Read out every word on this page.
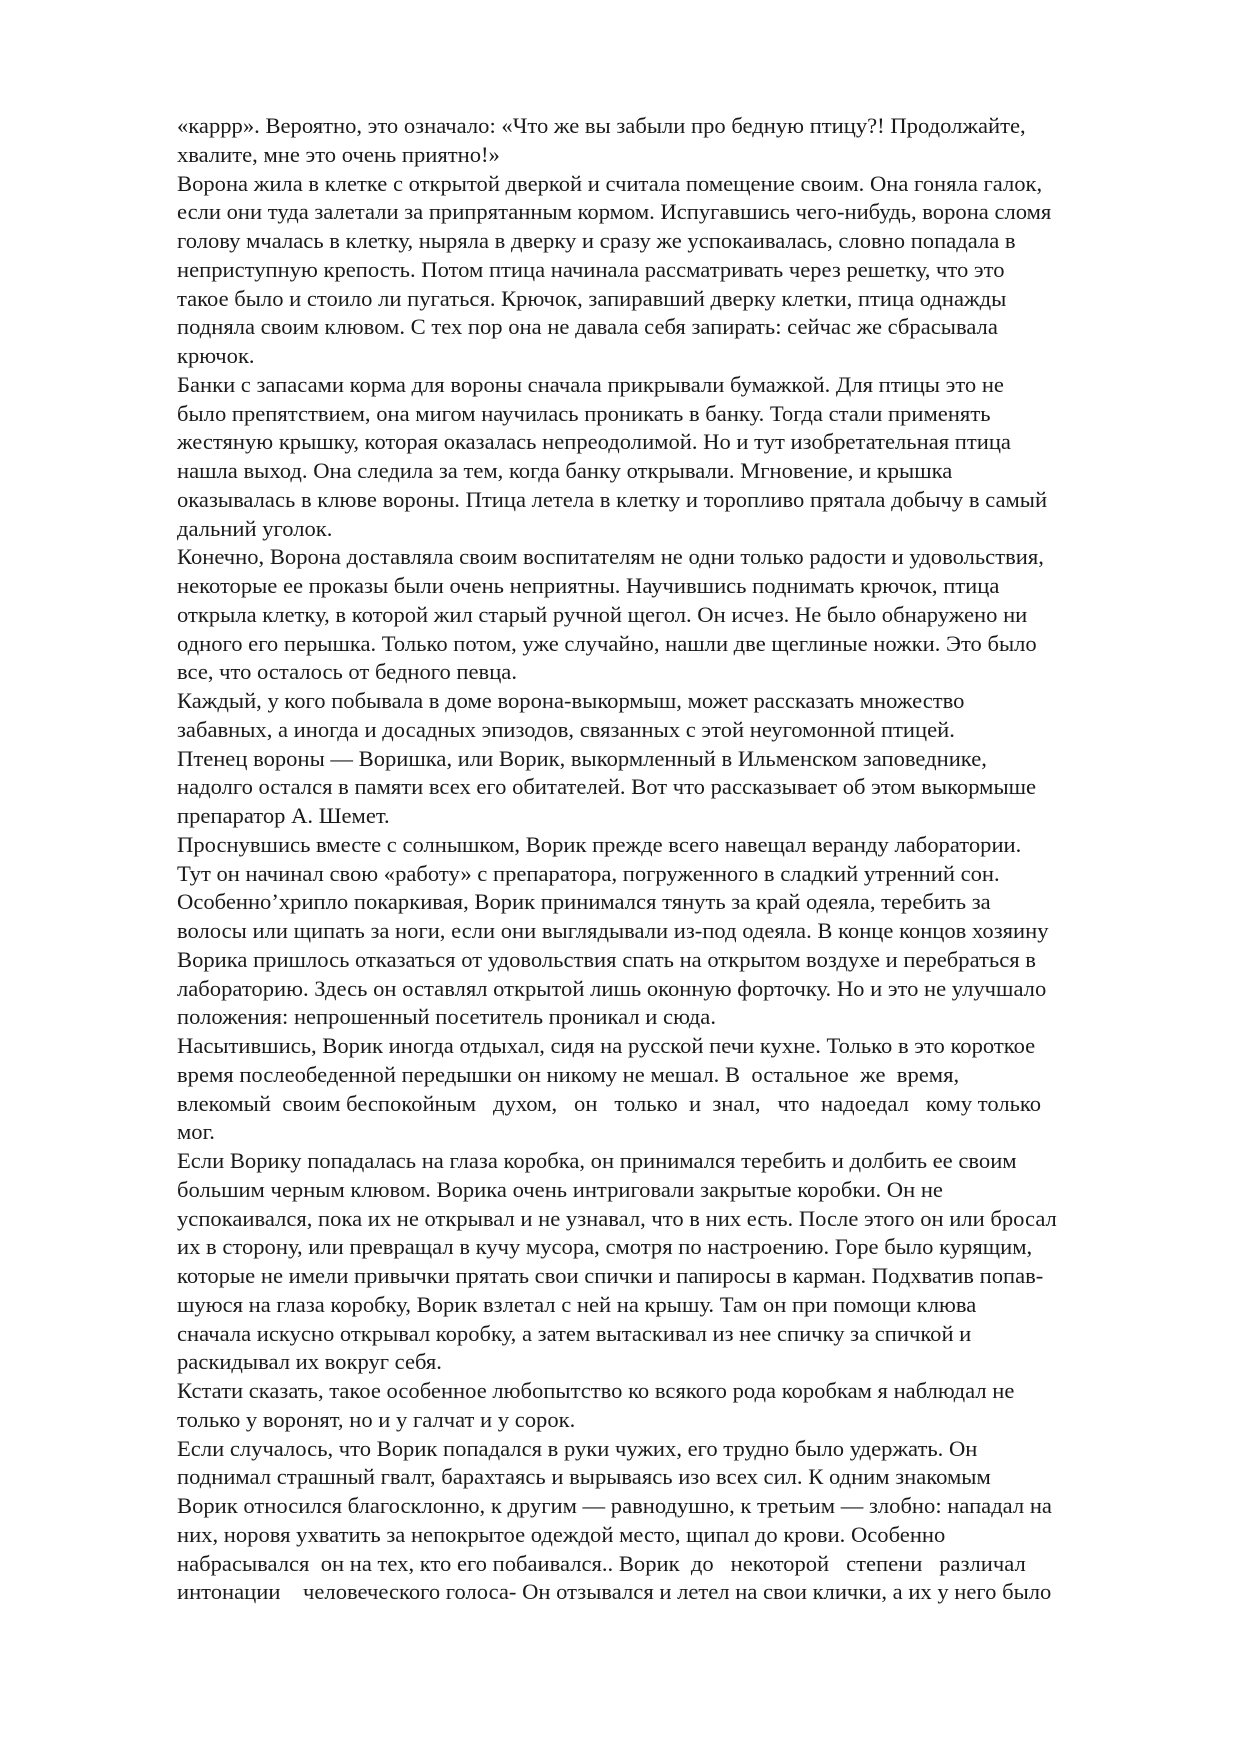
«каррр». Вероятно, это означало: «Что же вы забыли про бедную птицу?! Продолжайте,
хвалите, мне это очень приятно!»

Ворона жила в клетке с открытой дверкой и считала помещение своим. Она гоняла галок,
если они туда залетали за припрятанным кормом. Испугавшись чего-нибудь, ворона сломя
голову мчалась в клетку, ныряла в дверку и сразу же успокаивалась, словно попадала в
неприступную крепость. Потом птица начинала рассматривать через решетку, что это
такое было и стоило ли пугаться. Крючок, запиравший дверку клетки, птица однажды
подняла своим клювом. С тех пор она не давала себя запирать: сейчас же сбрасывала
крючок.

Банки с запасами корма для вороны сначала прикрывали бумажкой. Для птицы это не
было препятствием, она мигом научилась проникать в банку. Тогда стали применять
жестяную крышку, которая оказалась непреодолимой. Но и тут изобретательная птица
нашла выход. Она следила за тем, когда банку открывали. Мгновение, и крышка
оказывалась в клюве вороны. Птица летела в клетку и торопливо прятала добычу в самый
дальний уголок.

Конечно, Ворона доставляла своим воспитателям не одни только радости и удовольствия,
некоторые ее проказы были очень неприятны. Научившись поднимать крючок, птица
открыла клетку, в которой жил старый ручной щегол. Он исчез. Не было обнаружено ни
одного его перышка. Только потом, уже случайно, нашли две щеглиные ножки. Это было
все, что осталось от бедного певца.

Каждый, у кого побывала в доме ворона-выкормыш, может рассказать множество
забавных, а иногда и досадных эпизодов, связанных с этой неугомонной птицей.

Птенец вороны — Воришка, или Ворик, выкормленный в Ильменском заповеднике,
надолго остался в памяти всех его обитателей. Вот что рассказывает об этом выкормыше
препаратор А. Шемет.

Проснувшись вместе с солнышком, Ворик прежде всего навещал веранду лаборатории.
Тут он начинал свою «работу» с препаратора, погруженного в сладкий утренний сон.
Особенно’хрипло покаркивая, Ворик принимался тянуть за край одеяла, теребить за
волосы или щипать за ноги, если они выглядывали из-под одеяла. В конце концов хозяину
Ворика пришлось отказаться от удовольствия спать на открытом воздухе и перебраться в
лабораторию. Здесь он оставлял открытой лишь оконную форточку. Но и это не улучшало
положения: непрошенный посетитель проникал и сюда.

Насытившись, Ворик иногда отдыхал, сидя на русской печи кухне. Только в это короткое
время послеобеденной передышки он никому не мешал. В  остальное  же  время,
влекомый  своим беспокойным   духом,   он   только  и  знал,   что  надоедал   кому только
мог.

Если Ворику попадалась на глаза коробка, он принимался теребить и долбить ее своим
большим черным клювом. Ворика очень интриговали закрытые коробки. Он не
успокаивался, пока их не открывал и не узнавал, что в них есть. После этого он или бросал
их в сторону, или превращал в кучу мусора, смотря по настроению. Горе было курящим,
которые не имели привычки прятать свои спички и папиросы в карман. Подхватив попав-
шуюся на глаза коробку, Ворик взлетал с ней на крышу. Там он при помощи клюва
сначала искусно открывал коробку, а затем вытаскивал из нее спичку за спичкой и
раскидывал их вокруг себя.

Кстати сказать, такое особенное любопытство ко всякого рода коробкам я наблюдал не
только у воронят, но и у галчат и у сорок.

Если случалось, что Ворик попадался в руки чужих, его трудно было удержать. Он
поднимал страшный гвалт, барахтаясь и вырываясь изо всех сил. К одним знакомым
Ворик относился благосклонно, к другим — равнодушно, к третьим — злобно: нападал на
них, норовя ухватить за непокрытое одеждой место, щипал до крови. Особенно
набрасывался  он на тех, кто его побаивался.. Ворик  до   некоторой   степени   различал
интонации    человеческого голоса- Он отзывался и летел на свои клички, а их у него было
